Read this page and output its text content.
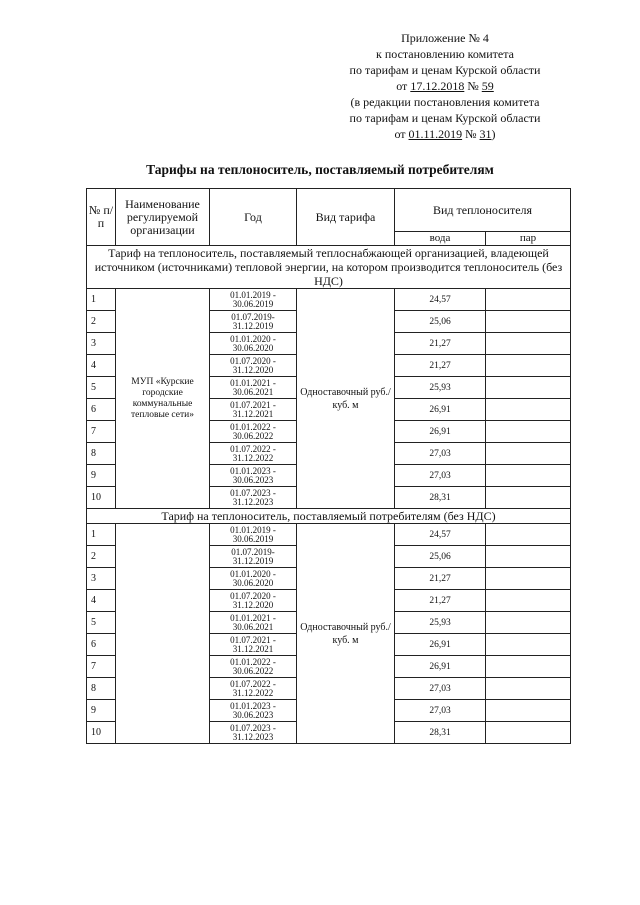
Приложение № 4
к постановлению комитета
по тарифам и ценам Курской области
от 17.12.2018 № 59
(в редакции постановления комитета
по тарифам и ценам Курской области
от 01.11.2019 № 31)
Тарифы на теплоноситель, поставляемый потребителям
№ п/п	Наименование регулируемой организации	Год	Вид тарифа	Вид теплоносителя	
				вода	пар
Тариф на теплоноситель, поставляемый теплоснабжающей организацией, владеющей источником (источниками) тепловой энергии, на котором производится теплоноситель (без НДС)					
1	МУП «Курские городские коммунальные тепловые сети»	01.01.2019 - 30.06.2019	Одноставочный руб./куб. м	24,57	
2		01.07.2019- 31.12.2019		25,06	
3		01.01.2020 - 30.06.2020		21,27	
4		01.07.2020 - 31.12.2020		21,27	
5		01.01.2021 - 30.06.2021		25,93	
6		01.07.2021 - 31.12.2021		26,91	
7		01.01.2022 - 30.06.2022		26,91	
8		01.07.2022 - 31.12.2022		27,03	
9		01.01.2023 - 30.06.2023		27,03	
10		01.07.2023 - 31.12.2023		28,31	
Тариф на теплоноситель, поставляемый потребителям (без НДС)					
1		01.01.2019 - 30.06.2019	Одноставочный руб./куб. м	24,57	
2		01.07.2019- 31.12.2019		25,06	
3		01.01.2020 - 30.06.2020		21,27	
4		01.07.2020 - 31.12.2020		21,27	
5		01.01.2021 - 30.06.2021		25,93	
6		01.07.2021 - 31.12.2021		26,91	
7		01.01.2022 - 30.06.2022		26,91	
8		01.07.2022 - 31.12.2022		27,03	
9		01.01.2023 - 30.06.2023		27,03	
10		01.07.2023 - 31.12.2023		28,31	
